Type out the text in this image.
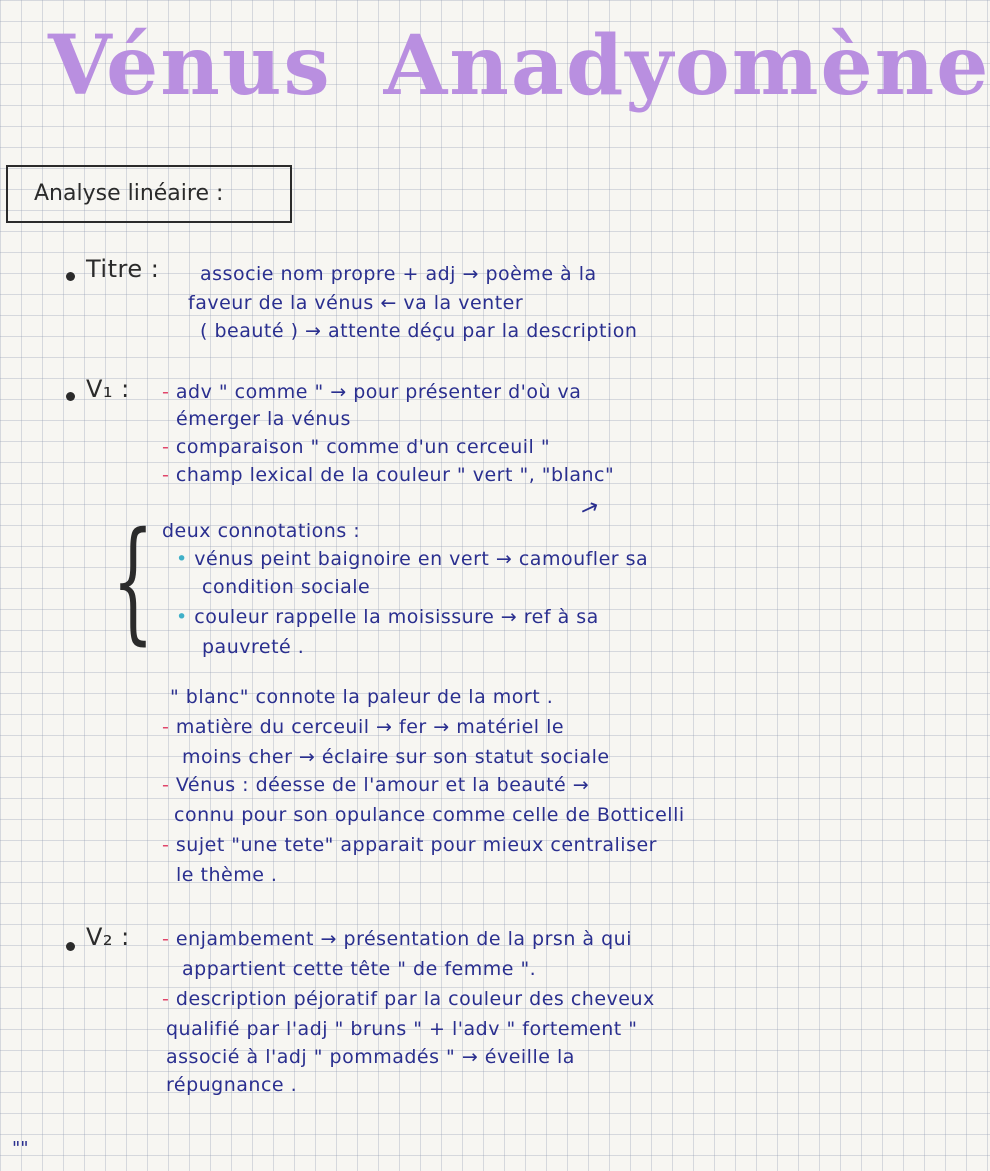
Vénus Anadyomène
Analyse linéaire :
Titre : associe nom propre + adj → poème à la
faveur de la vénus ← va la venter
( beauté ) → attente déçu par la description
V₁ : - adv " comme " → pour présenter d'où va
émerger la vénus
- comparaison " comme d'un cerceuil "
- champ lexical de la couleur " vert ", "blanc"
↗
{ deux connotations :
• vénus peint baignoire en vert → camoufler sa
condition sociale
• couleur rappelle la moisissure → ref à sa
pauvreté .
" blanc" connote la paleur de la mort .
- matière du cerceuil → fer → matériel le
moins cher → éclaire sur son statut sociale
- Vénus : déesse de l'amour et la beauté →
connu pour son opulance comme celle de Botticelli
- sujet "une tete" apparait pour mieux centraliser
le thème .
V₂ : - enjambement → présentation de la prsn à qui
appartient cette tête " de femme ".
- description péjoratif par la couleur des cheveux
qualifié par l'adj " bruns " + l'adv " fortement "
associé à l'adj " pommadés " → éveille la
répugnance .
""
